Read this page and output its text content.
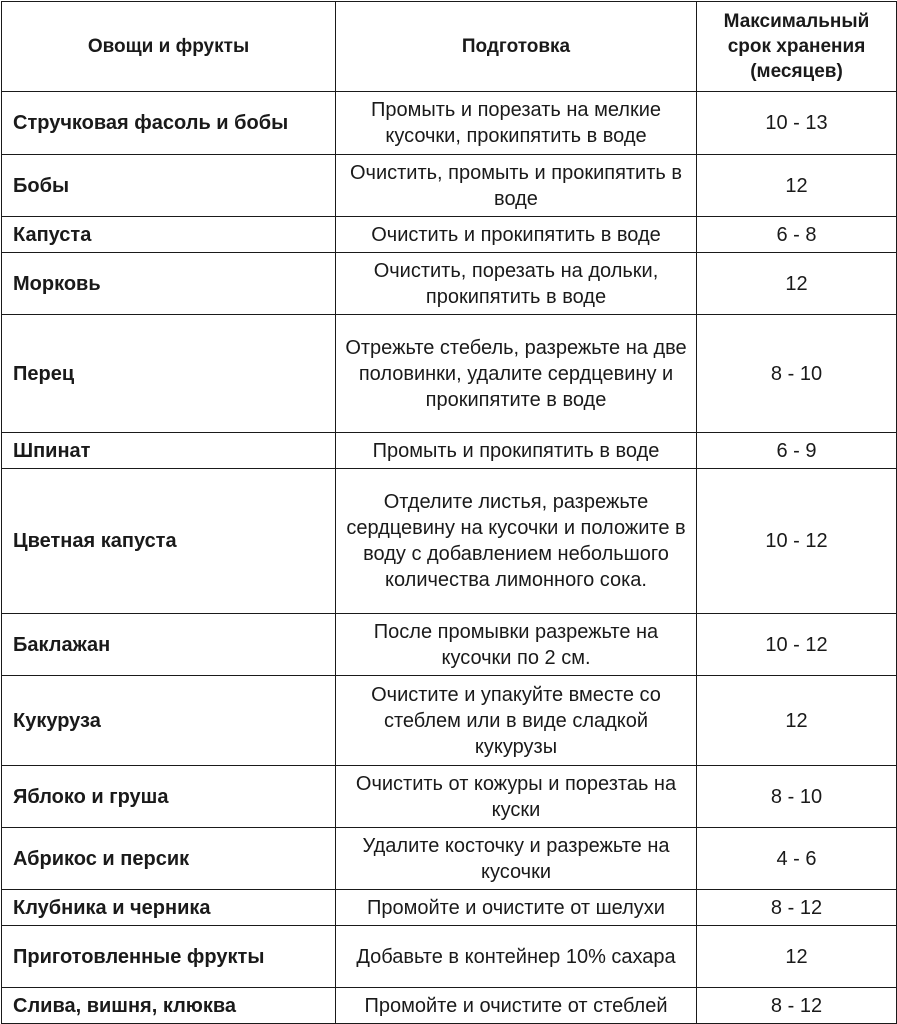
Овощи и фрукты	Подготовка	Максимальный срок хранения (месяцев)
Стручковая фасоль и бобы	Промыть и порезать на мелкие кусочки, прокипятить в воде	10 - 13
Бобы	Очистить, промыть и прокипятить в воде	12
Капуста	Очистить и прокипятить в воде	6 - 8
Морковь	Очистить, порезать на дольки, прокипятить в воде	12
Перец	Отрежьте стебель, разрежьте на две половинки, удалите сердцевину и прокипятите в воде	8 - 10
Шпинат	Промыть и прокипятить в воде	6 - 9
Цветная капуста	Отделите листья, разрежьте сердцевину на кусочки и положите в воду с добавлением небольшого количества лимонного сока.	10 - 12
Баклажан	После промывки разрежьте на кусочки по 2 см.	10 - 12
Кукуруза	Очистите и упакуйте вместе со стеблем или в виде сладкой кукурузы	12
Яблоко и груша	Очистить от кожуры и порезтаь на куски	8 - 10
Абрикос и персик	Удалите косточку и разрежьте на кусочки	4 - 6
Клубника и черника	Промойте и очистите от шелухи	8 - 12
Приготовленные фрукты	Добавьте в контейнер 10% сахара	12
Слива, вишня, клюква	Промойте и очистите от стеблей	8 - 12
